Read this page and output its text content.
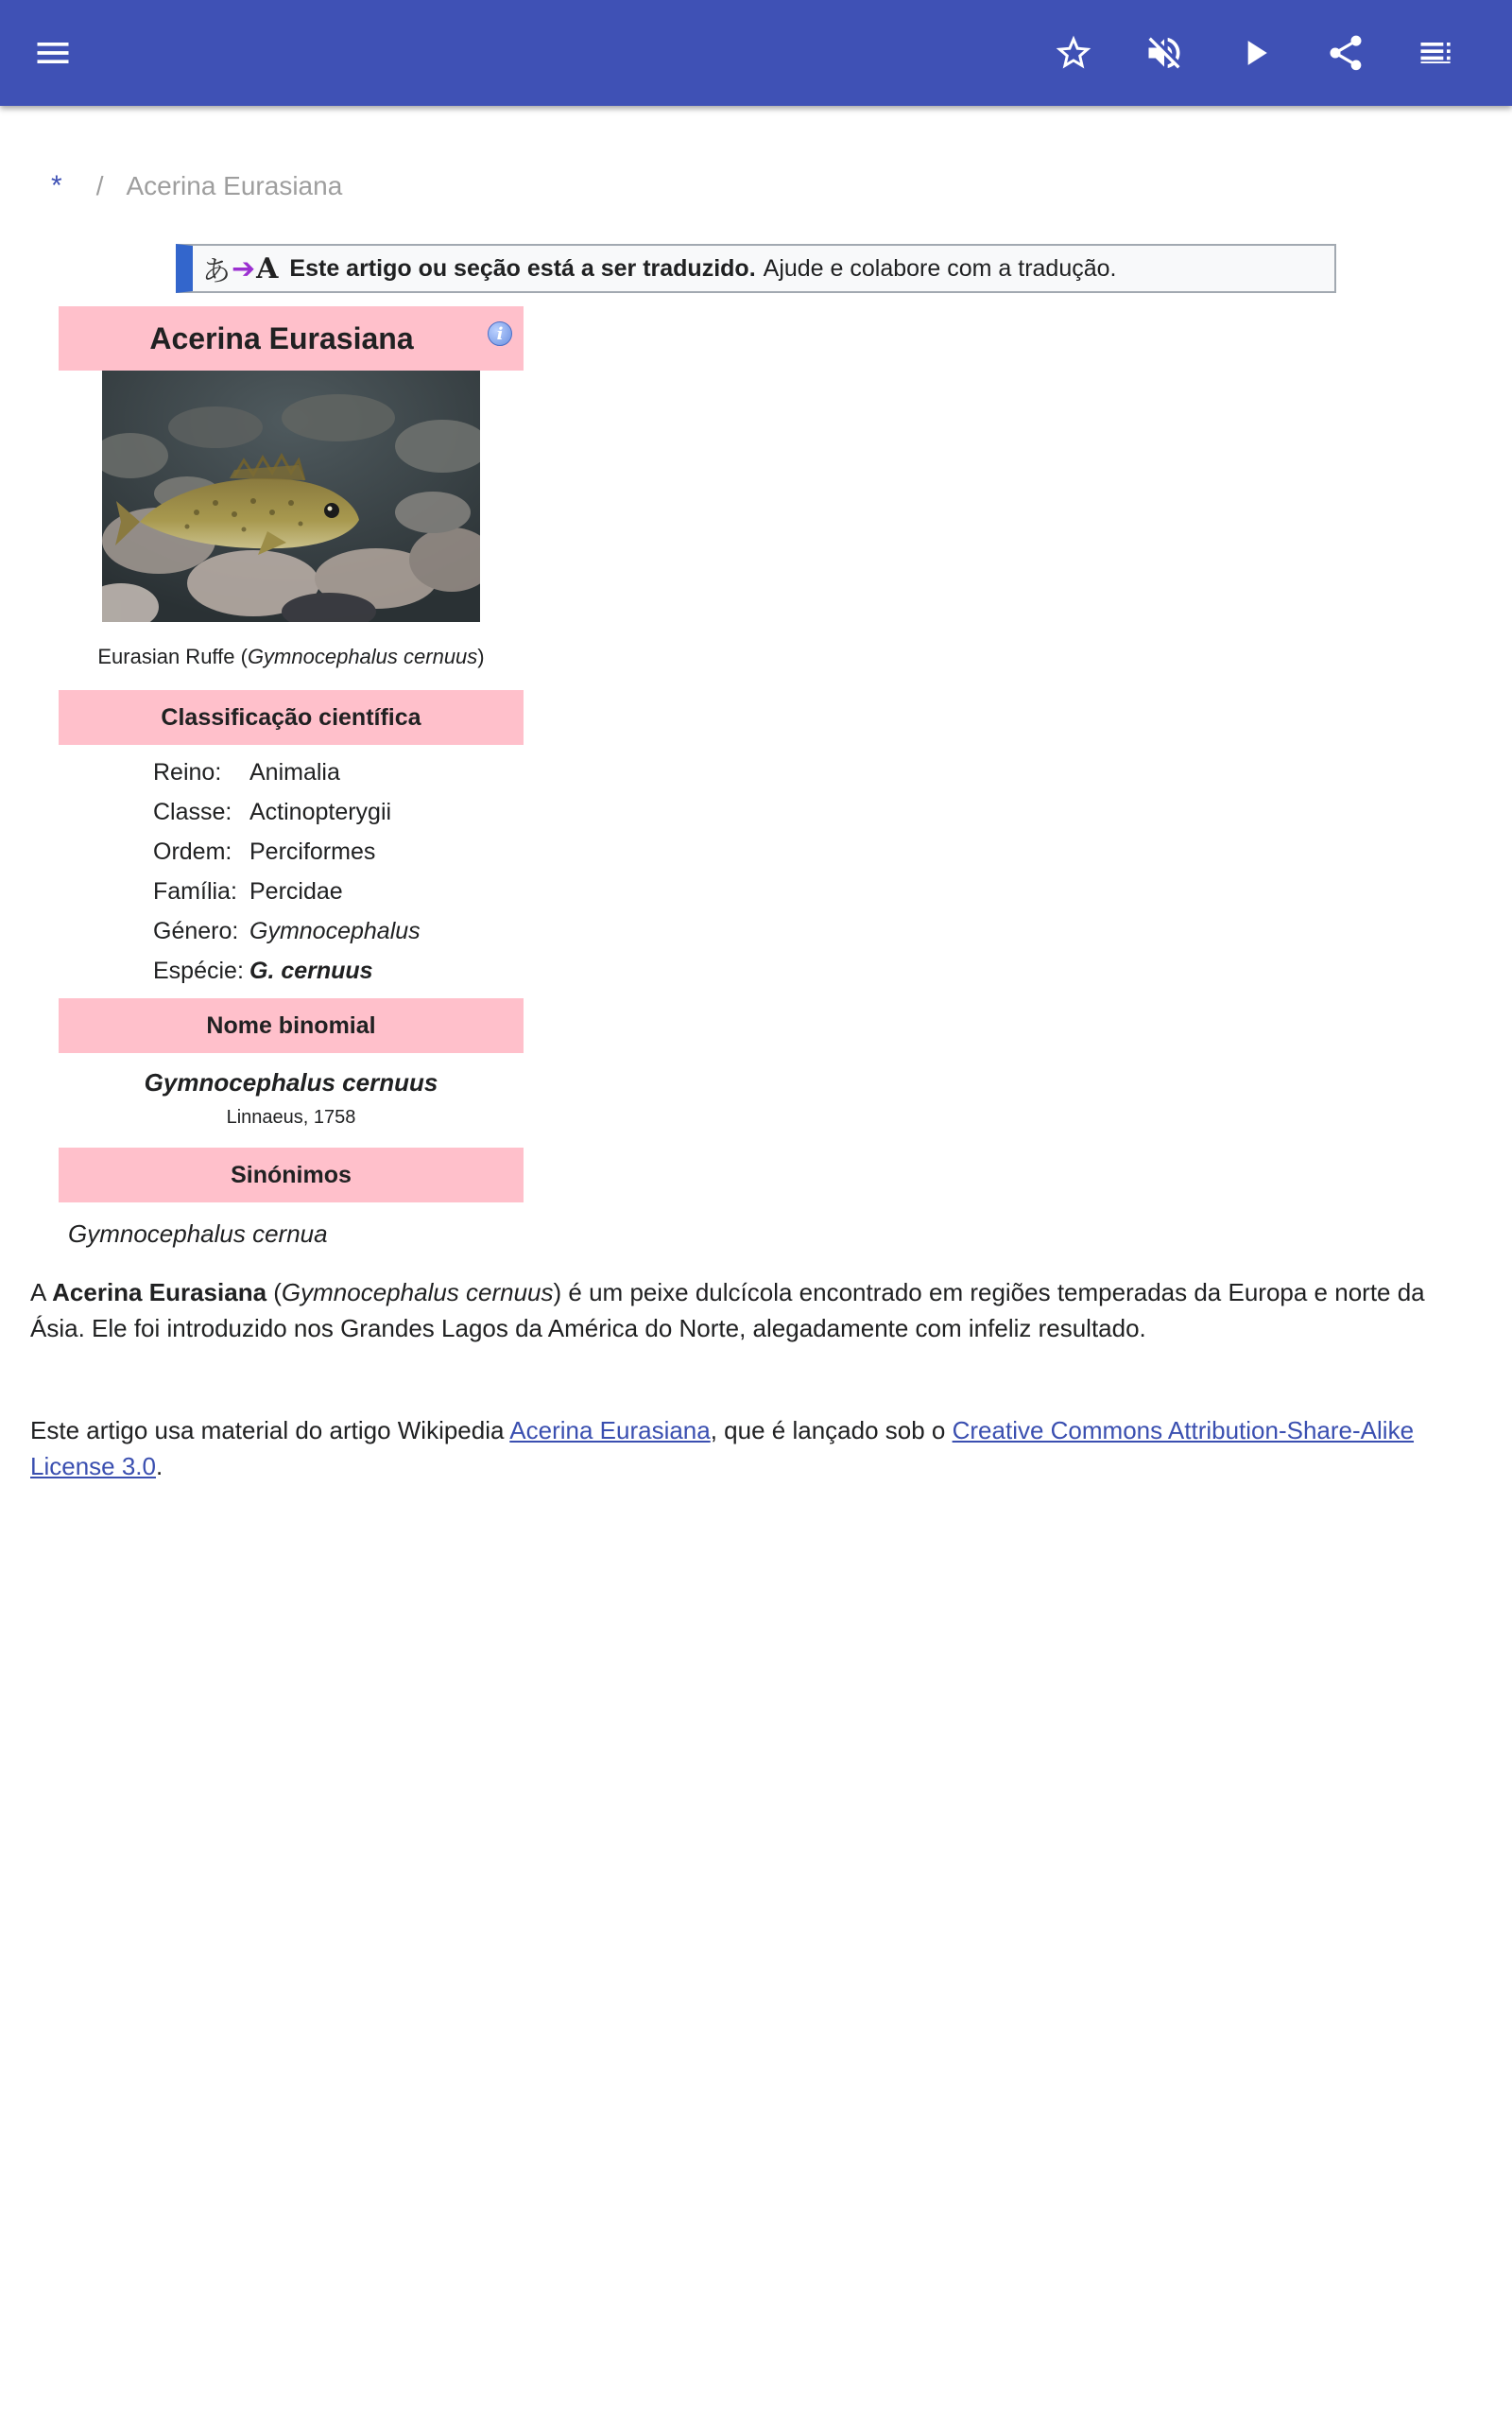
* / Acerina Eurasiana
あ ➔ A Este artigo ou seção está a ser traduzido. Ajude e colabore com a tradução.
Acerina Eurasiana	i
Eurasian Ruffe (Gymnocephalus cernuus)
Classificação científica
Reino:	Animalia
Classe: Actinopterygii
Ordem: Perciformes
Família: Percidae
Género: Gymnocephalus
Espécie: G. cernuus
Nome binomial
Gymnocephalus cernuus
Linnaeus, 1758
Sinónimos
Gymnocephalus cernua

A Acerina Eurasiana (Gymnocephalus cernuus) é um peixe dulcícola encontrado em regiões temperadas da Europa e norte da Ásia. Ele foi introduzido nos Grandes Lagos da América do Norte, alegadamente com infeliz resultado.

Este artigo usa material do artigo Wikipedia Acerina Eurasiana, que é lançado sob o Creative Commons Attribution-Share-Alike License 3.0.
